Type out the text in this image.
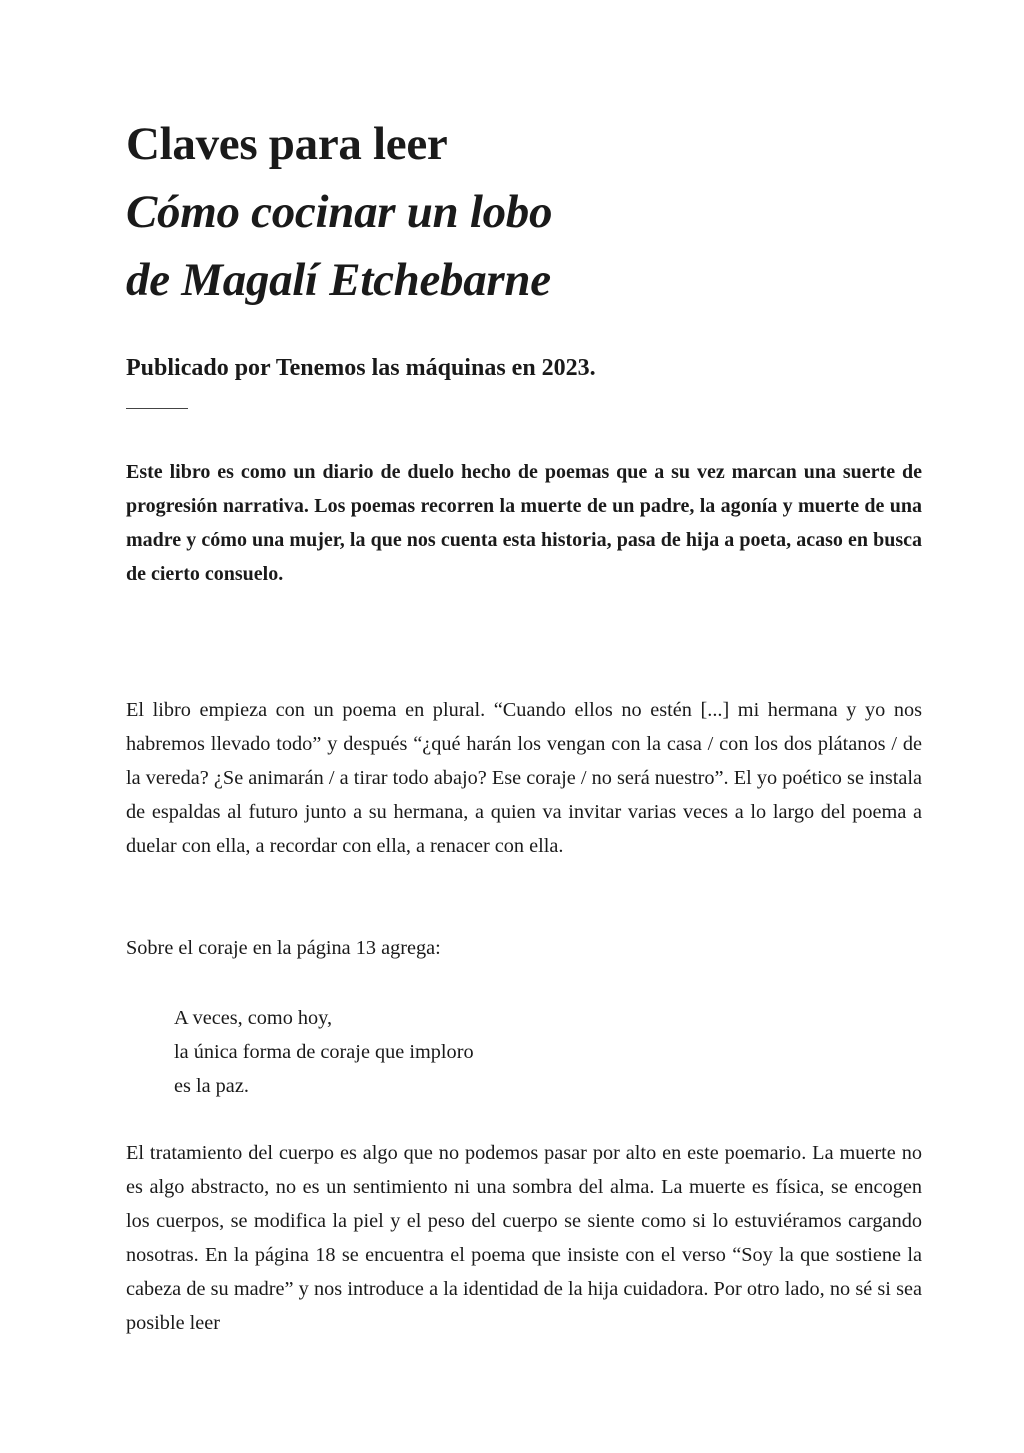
Claves para leer
Cómo cocinar un lobo
de Magalí Etchebarne
Publicado por Tenemos las máquinas en 2023.

Este libro es como un diario de duelo hecho de poemas que a su vez marcan una suerte de progresión narrativa. Los poemas recorren la muerte de un padre, la agonía y muerte de una madre y cómo una mujer, la que nos cuenta esta historia, pasa de hija a poeta, acaso en busca de cierto consuelo.

El libro empieza con un poema en plural. “Cuando ellos no estén [...] mi hermana y yo nos habremos llevado todo” y después “¿qué harán los vengan con la casa / con los dos plátanos / de la vereda? ¿Se animarán / a tirar todo abajo? Ese coraje / no será nuestro”. El yo poético se instala de espaldas al futuro junto a su hermana, a quien va invitar varias veces a lo largo del poema a duelar con ella, a recordar con ella, a renacer con ella.

Sobre el coraje en la página 13 agrega:

A veces, como hoy,
la única forma de coraje que imploro
es la paz.

El tratamiento del cuerpo es algo que no podemos pasar por alto en este poemario. La muerte no es algo abstracto, no es un sentimiento ni una sombra del alma. La muerte es física, se encogen los cuerpos, se modifica la piel y el peso del cuerpo se siente como si lo estuviéramos cargando nosotras. En la página 18 se encuentra el poema que insiste con el verso “Soy la que sostiene la cabeza de su madre” y nos introduce a la identidad de la hija cuidadora. Por otro lado, no sé si sea posible leer
